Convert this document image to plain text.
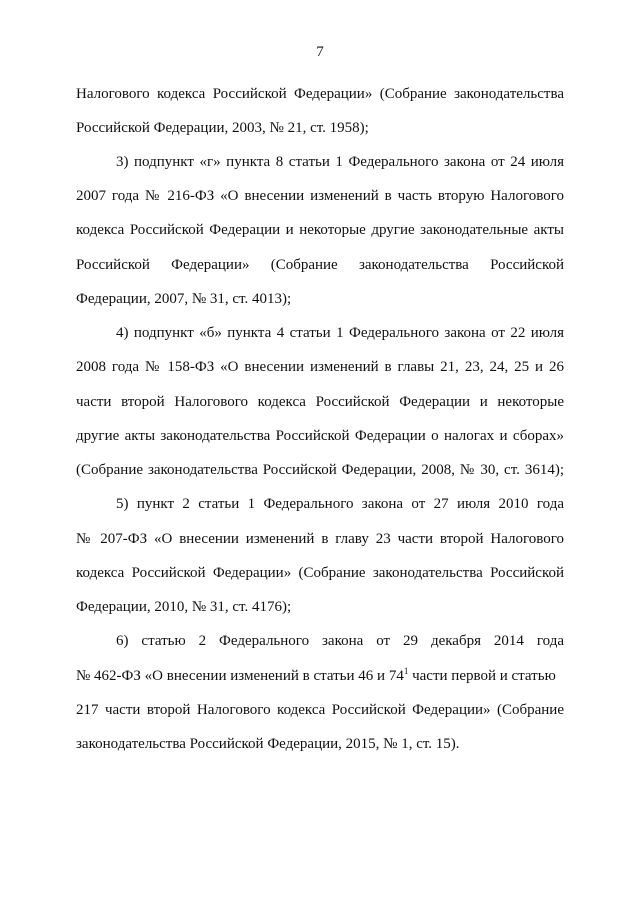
7
Налогового кодекса Российской Федерации» (Собрание законодательства
Российской Федерации, 2003, № 21, ст. 1958);
3) подпункт «г» пункта 8 статьи 1 Федерального закона от 24 июля
2007 года № 216-ФЗ «О внесении изменений в часть вторую Налогового
кодекса Российской Федерации и некоторые другие законодательные акты
Российской Федерации» (Собрание законодательства Российской
Федерации, 2007, № 31, ст. 4013);
4) подпункт «б» пункта 4 статьи 1 Федерального закона от 22 июля
2008 года № 158-ФЗ «О внесении изменений в главы 21, 23, 24, 25 и 26
части второй Налогового кодекса Российской Федерации и некоторые
другие акты законодательства Российской Федерации о налогах и сборах»
(Собрание законодательства Российской Федерации, 2008, № 30, ст. 3614);
5) пункт 2 статьи 1 Федерального закона от 27 июля 2010 года
№ 207-ФЗ «О внесении изменений в главу 23 части второй Налогового
кодекса Российской Федерации» (Собрание законодательства Российской
Федерации, 2010, № 31, ст. 4176);
6) статью 2 Федерального закона от 29 декабря 2014 года
№ 462-ФЗ «О внесении изменений в статьи 46 и $74^1$ части первой и статью
217 части второй Налогового кодекса Российской Федерации» (Собрание
законодательства Российской Федерации, 2015, № 1, ст. 15).
